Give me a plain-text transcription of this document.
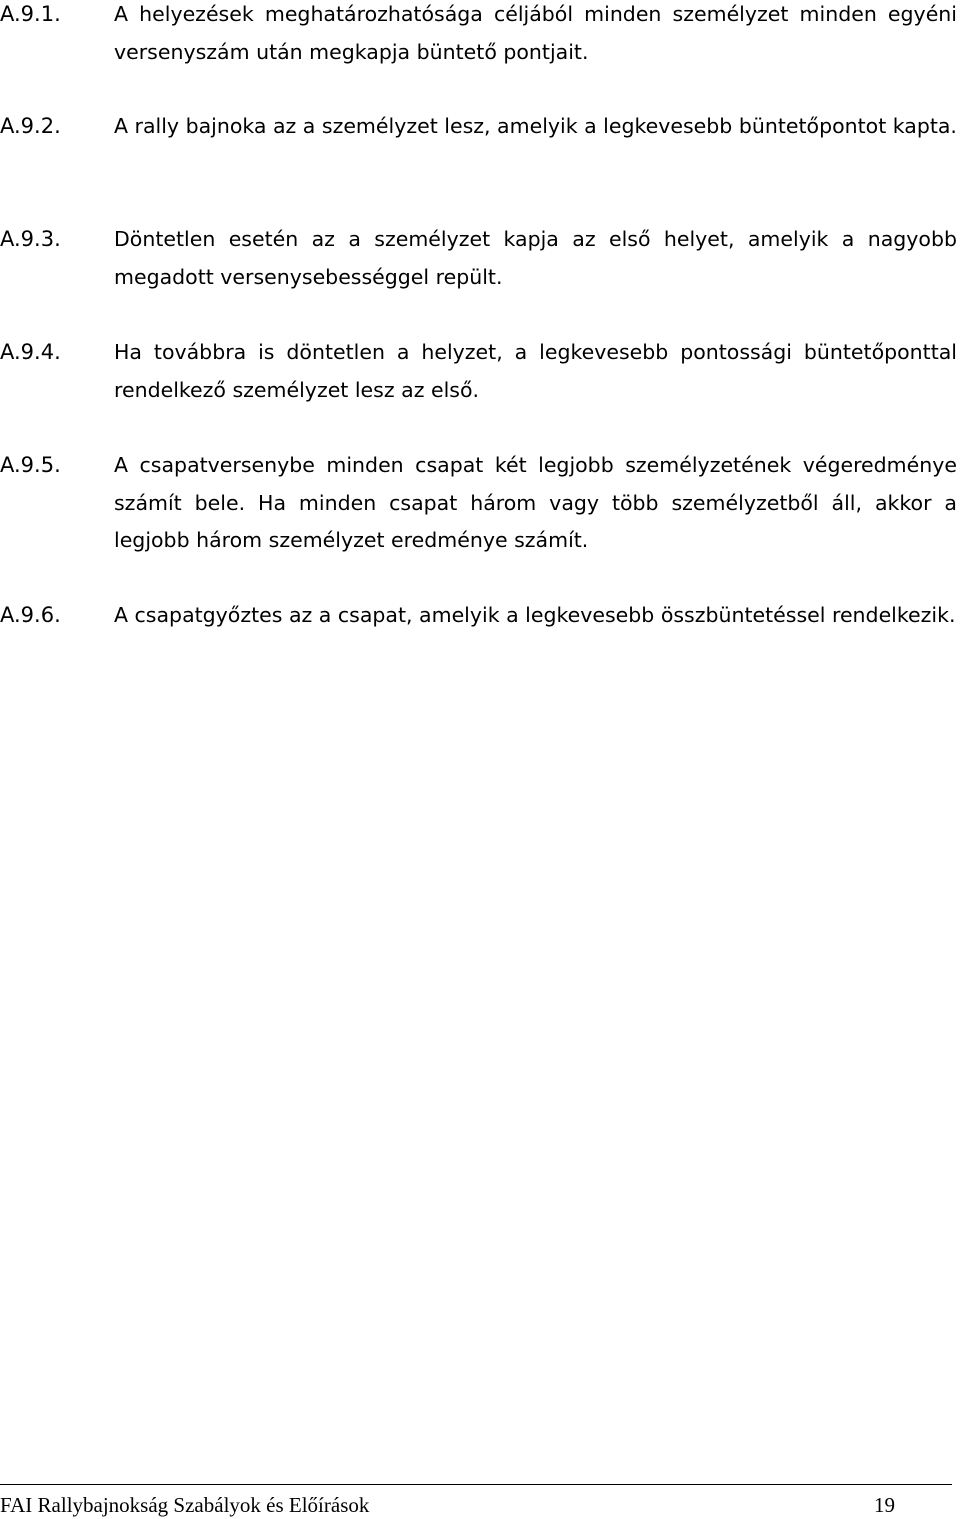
A.9.1.	A helyezések meghatározhatósága céljából minden személyzet minden egyéni versenyszám után megkapja büntető pontjait.
A.9.2.	A rally bajnoka az a személyzet lesz, amelyik a legkevesebb büntetőpontot kapta.
A.9.3.	Döntetlen esetén az a személyzet kapja az első helyet, amelyik a nagyobb megadott versenysebességgel repült.
A.9.4.	Ha továbbra is döntetlen a helyzet, a legkevesebb pontossági büntetőponttal rendelkező személyzet lesz az első.
A.9.5.	A csapatversenybe minden csapat két legjobb személyzetének végeredménye számít bele. Ha minden csapat három vagy több személyzetből áll, akkor a legjobb három személyzet eredménye számít.
A.9.6.	A csapatgyőztes az a csapat, amelyik a legkevesebb összbüntetéssel rendelkezik.
FAI Rallybajnokság Szabályok és Előírások	19
